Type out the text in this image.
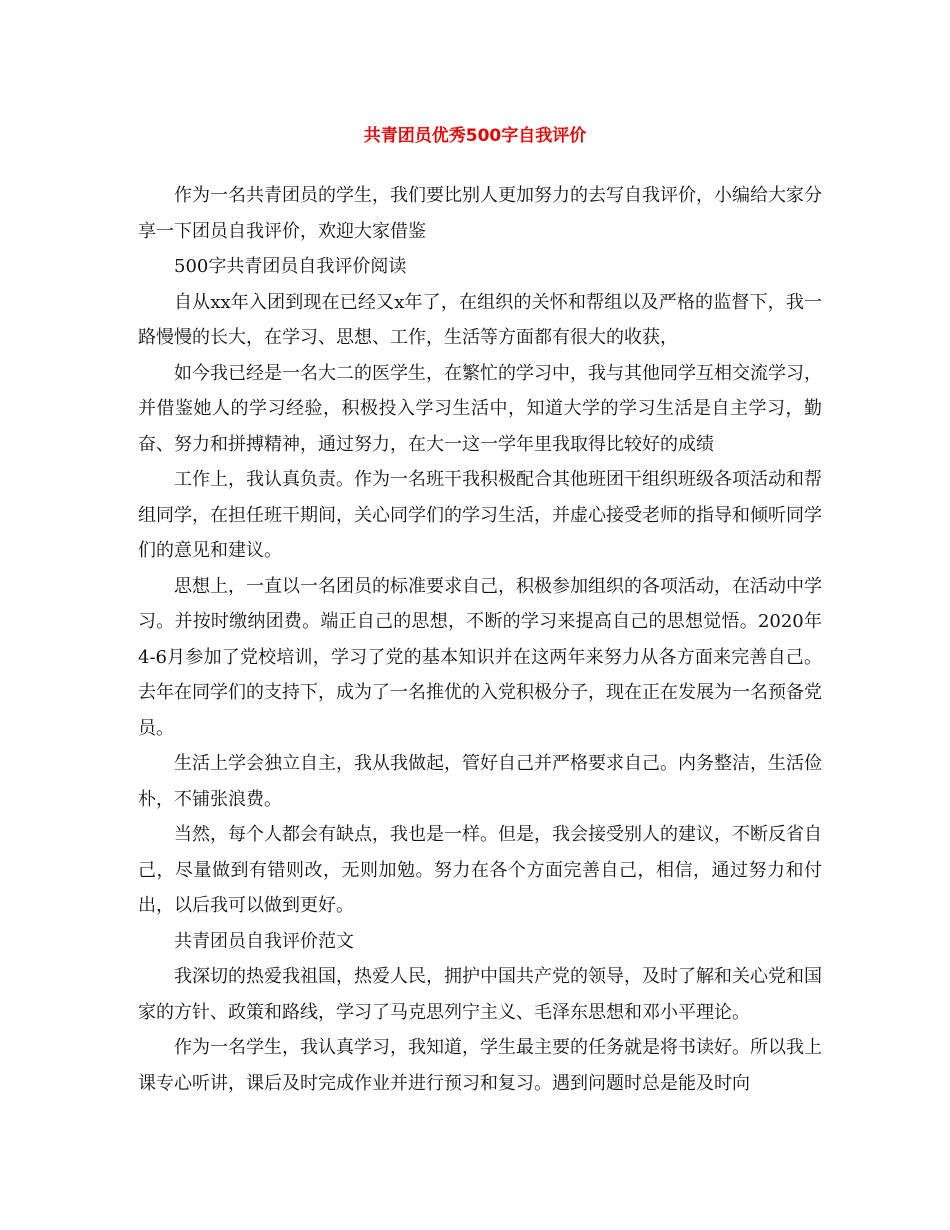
共青团员优秀500字自我评价

作为一名共青团员的学生，我们要比别人更加努力的去写自我评价，小编给大家分享一下团员自我评价，欢迎大家借鉴

500字共青团员自我评价阅读

自从xx年入团到现在已经又x年了，在组织的关怀和帮组以及严格的监督下，我一路慢慢的长大，在学习、思想、工作，生活等方面都有很大的收获，

如今我已经是一名大二的医学生，在繁忙的学习中，我与其他同学互相交流学习，并借鉴她人的学习经验，积极投入学习生活中，知道大学的学习生活是自主学习，勤奋、努力和拼搏精神，通过努力，在大一这一学年里我取得比较好的成绩

工作上，我认真负责。作为一名班干我积极配合其他班团干组织班级各项活动和帮组同学，在担任班干期间，关心同学们的学习生活，并虚心接受老师的指导和倾听同学们的意见和建议。

思想上，一直以一名团员的标准要求自己，积极参加组织的各项活动，在活动中学习。并按时缴纳团费。端正自己的思想，不断的学习来提高自己的思想觉悟。2020年4-6月参加了党校培训，学习了党的基本知识并在这两年来努力从各方面来完善自己。去年在同学们的支持下，成为了一名推优的入党积极分子，现在正在发展为一名预备党员。

生活上学会独立自主，我从我做起，管好自己并严格要求自己。内务整洁，生活俭朴，不铺张浪费。

当然，每个人都会有缺点，我也是一样。但是，我会接受别人的建议，不断反省自己，尽量做到有错则改，无则加勉。努力在各个方面完善自己，相信，通过努力和付出，以后我可以做到更好。

共青团员自我评价范文

我深切的热爱我祖国，热爱人民，拥护中国共产党的领导，及时了解和关心党和国家的方针、政策和路线，学习了马克思列宁主义、毛泽东思想和邓小平理论。

作为一名学生，我认真学习，我知道，学生最主要的任务就是将书读好。所以我上课专心听讲，课后及时完成作业并进行预习和复习。遇到问题时总是能及时向
